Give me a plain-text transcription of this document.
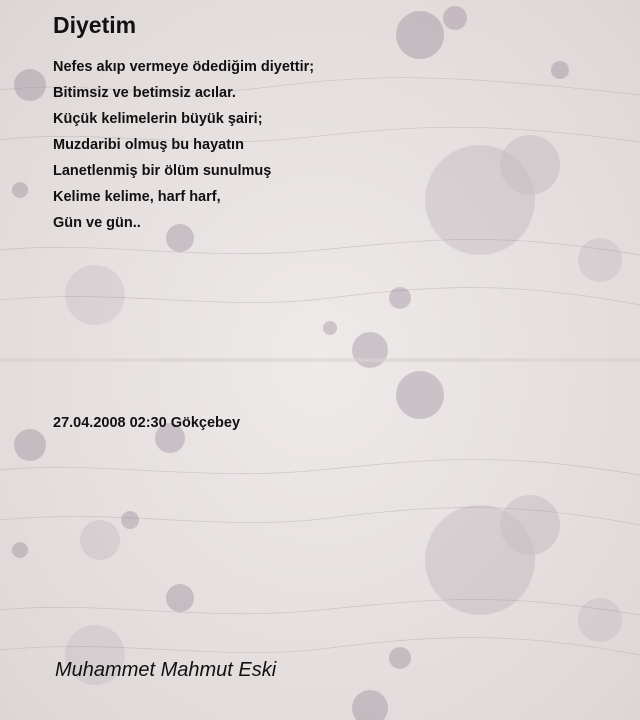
Diyetim
Nefes akıp vermeye ödediğim diyettir;
Bitimsiz ve betimsiz acılar.
Küçük kelimelerin büyük şairi;
Muzdaribi olmuş bu hayatın
Lanetlenmiş bir ölüm sunulmuş
Kelime kelime, harf harf,
Gün ve gün..
27.04.2008 02:30 Gökçebey
Muhammet Mahmut Eski
